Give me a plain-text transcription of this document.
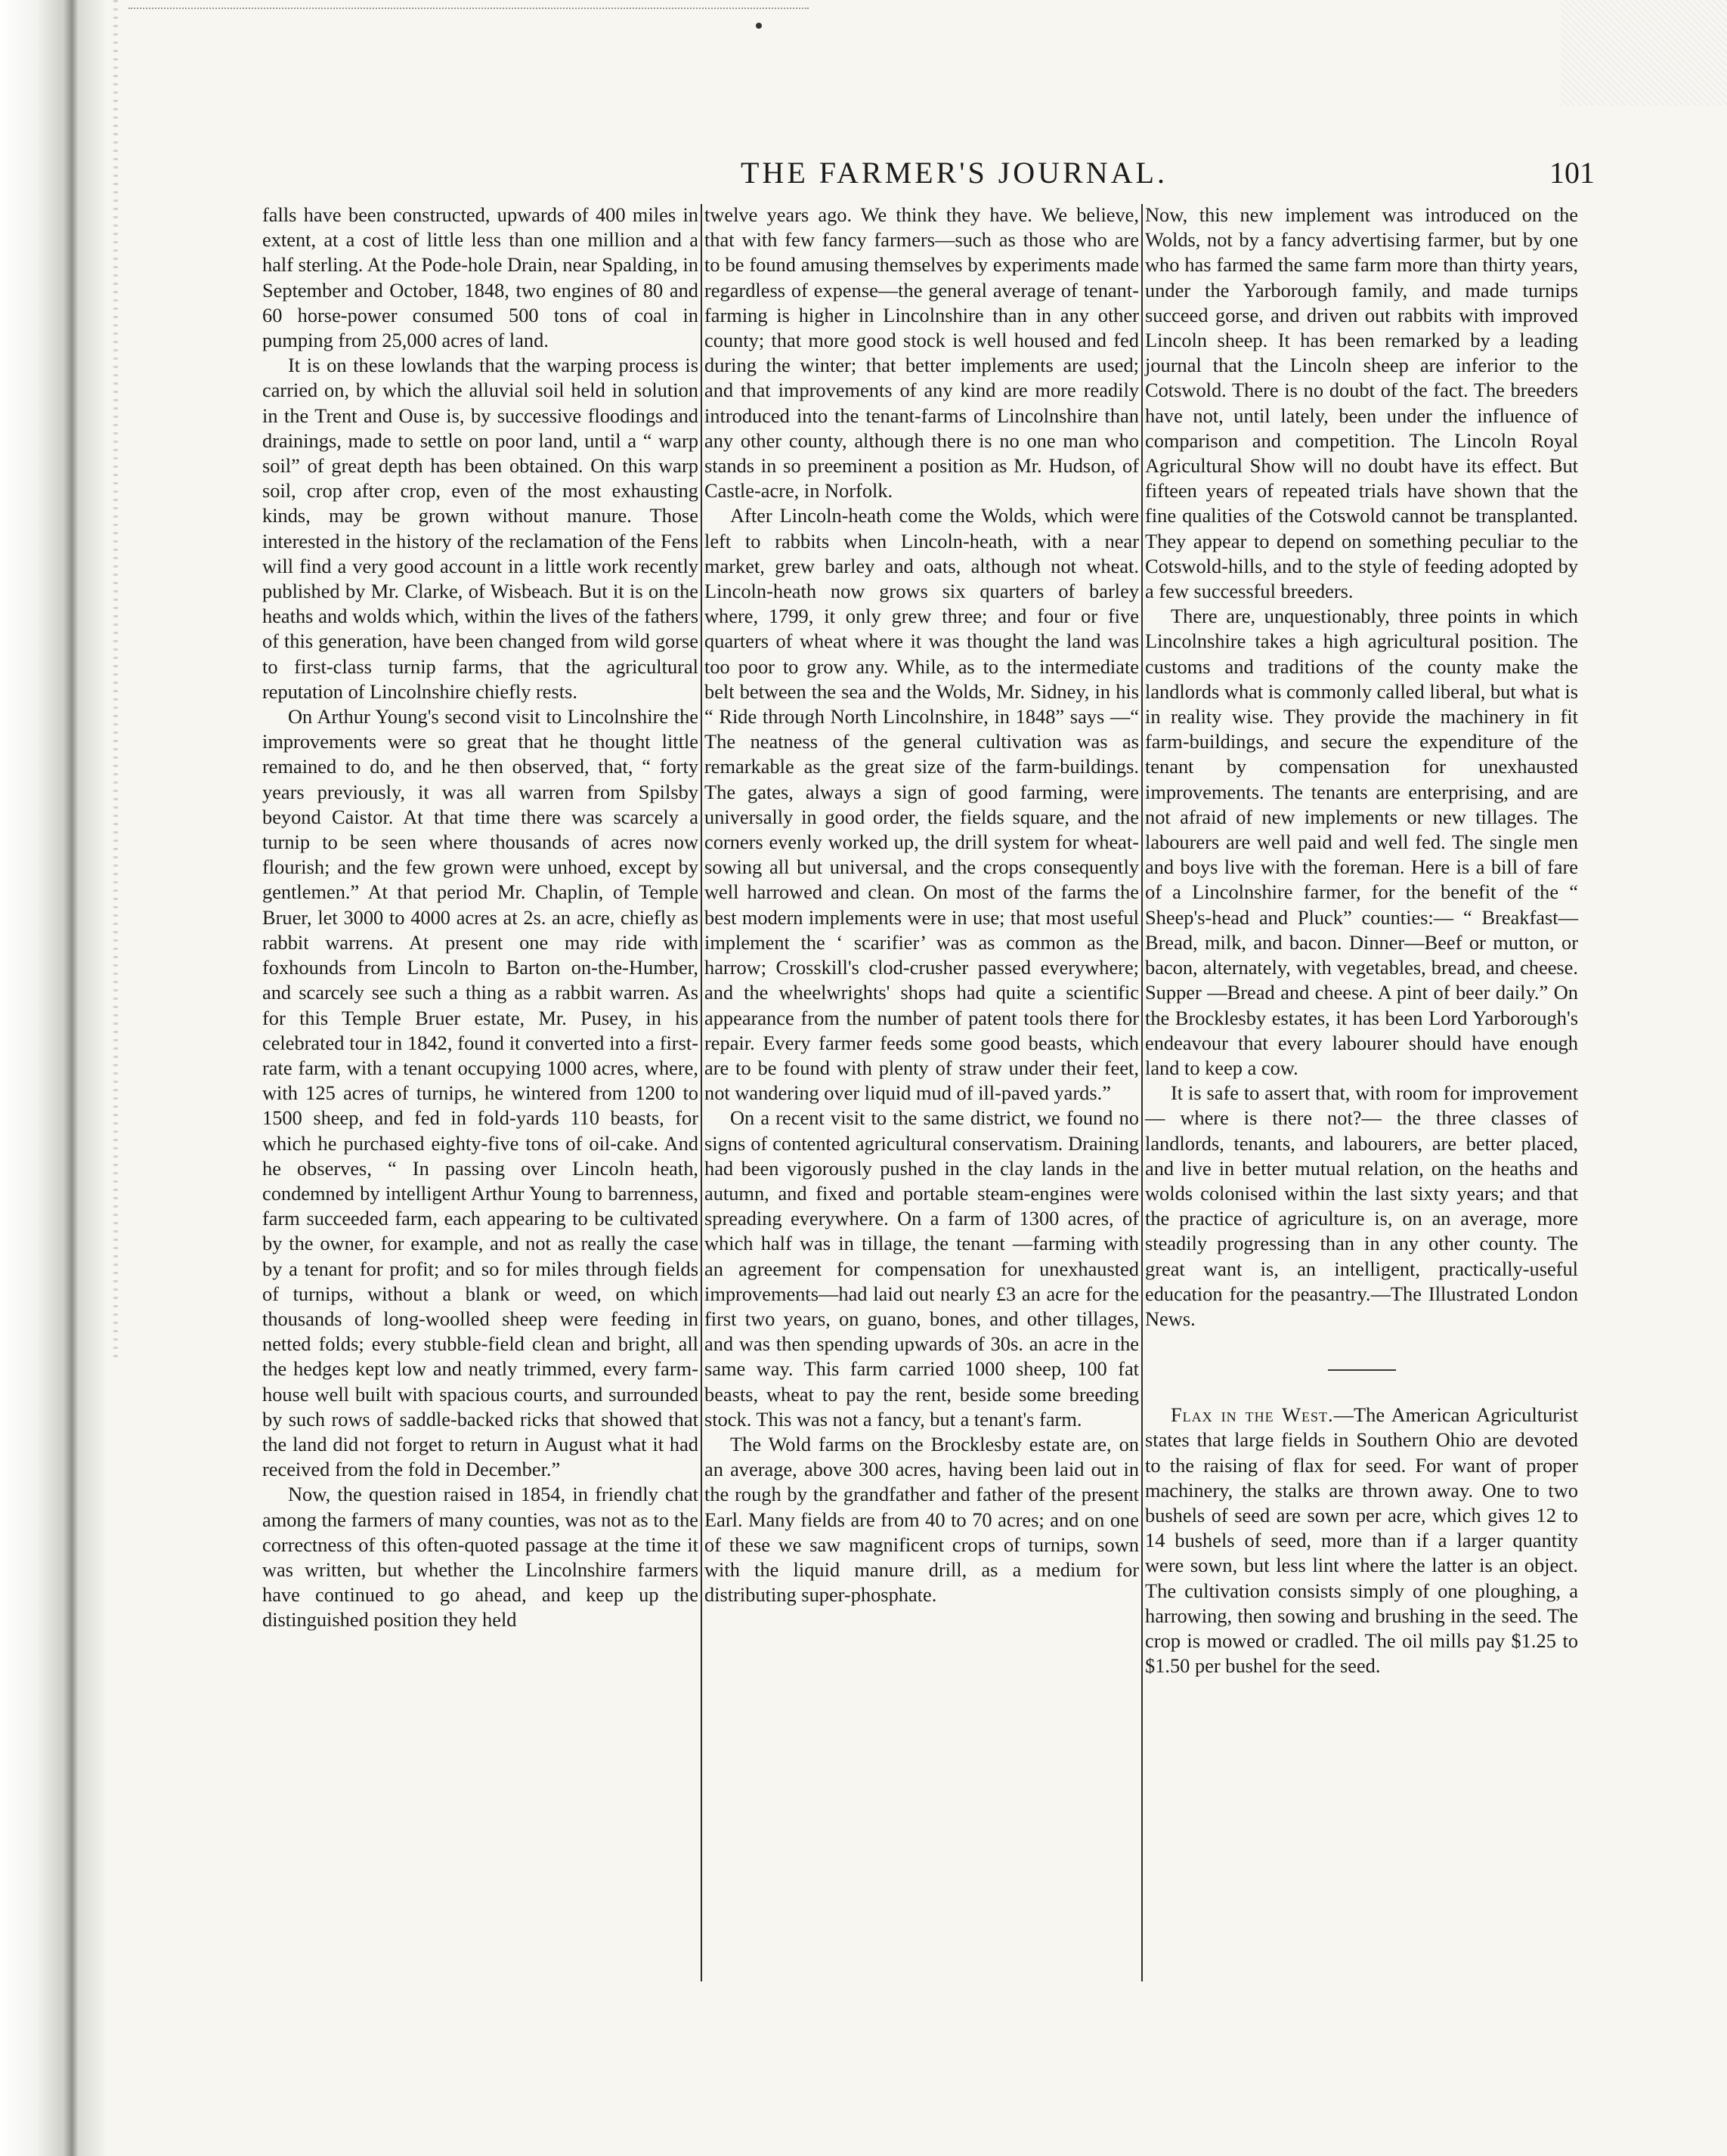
THE FARMER'S JOURNAL.	101

falls have been constructed, upwards of 400 miles in extent, at a cost of little less than one million and a half sterling. At the Pode-hole Drain, near Spalding, in September and October, 1848, two engines of 80 and 60 horse-power consumed 500 tons of coal in pumping from 25,000 acres of land.

It is on these lowlands that the warping process is carried on, by which the alluvial soil held in solution in the Trent and Ouse is, by successive floodings and drainings, made to settle on poor land, until a “ warp soil” of great depth has been obtained. On this warp soil, crop after crop, even of the most exhausting kinds, may be grown without manure. Those interested in the history of the reclamation of the Fens will find a very good account in a little work recently published by Mr. Clarke, of Wisbeach. But it is on the heaths and wolds which, within the lives of the fathers of this generation, have been changed from wild gorse to first-class turnip farms, that the agricultural reputation of Lincolnshire chiefly rests.

On Arthur Young's second visit to Lincolnshire the improvements were so great that he thought little remained to do, and he then observed, that, “ forty years previously, it was all warren from Spilsby beyond Caistor. At that time there was scarcely a turnip to be seen where thousands of acres now flourish; and the few grown were unhoed, except by gentlemen.” At that period Mr. Chaplin, of Temple Bruer, let 3000 to 4000 acres at 2s. an acre, chiefly as rabbit warrens. At present one may ride with foxhounds from Lincoln to Barton on-the-Humber, and scarcely see such a thing as a rabbit warren. As for this Temple Bruer estate, Mr. Pusey, in his celebrated tour in 1842, found it converted into a first-rate farm, with a tenant occupying 1000 acres, where, with 125 acres of turnips, he wintered from 1200 to 1500 sheep, and fed in fold-yards 110 beasts, for which he purchased eighty-five tons of oil-cake. And he observes, “ In passing over Lincoln heath, condemned by intelligent Arthur Young to barrenness, farm succeeded farm, each appearing to be cultivated by the owner, for example, and not as really the case by a tenant for profit; and so for miles through fields of turnips, without a blank or weed, on which thousands of long-woolled sheep were feeding in netted folds; every stubble-field clean and bright, all the hedges kept low and neatly trimmed, every farm-house well built with spacious courts, and surrounded by such rows of saddle-backed ricks that showed that the land did not forget to return in August what it had received from the fold in December.”

Now, the question raised in 1854, in friendly chat among the farmers of many counties, was not as to the correctness of this often-quoted passage at the time it was written, but whether the Lincolnshire farmers have continued to go ahead, and keep up the distinguished position they held

twelve years ago. We think they have. We believe, that with few fancy farmers—such as those who are to be found amusing themselves by experiments made regardless of expense—the general average of tenant-farming is higher in Lincolnshire than in any other county; that more good stock is well housed and fed during the winter; that better implements are used; and that improvements of any kind are more readily introduced into the tenant-farms of Lincolnshire than any other county, although there is no one man who stands in so preeminent a position as Mr. Hudson, of Castle-acre, in Norfolk.

After Lincoln-heath come the Wolds, which were left to rabbits when Lincoln-heath, with a near market, grew barley and oats, although not wheat. Lincoln-heath now grows six quarters of barley where, 1799, it only grew three; and four or five quarters of wheat where it was thought the land was too poor to grow any. While, as to the intermediate belt between the sea and the Wolds, Mr. Sidney, in his “ Ride through North Lincolnshire, in 1848” says —“ The neatness of the general cultivation was as remarkable as the great size of the farm-buildings. The gates, always a sign of good farming, were universally in good order, the fields square, and the corners evenly worked up, the drill system for wheat-sowing all but universal, and the crops consequently well harrowed and clean. On most of the farms the best modern implements were in use; that most useful implement the ‘ scarifier’ was as common as the harrow; Crosskill's clod-crusher passed everywhere; and the wheelwrights' shops had quite a scientific appearance from the number of patent tools there for repair. Every farmer feeds some good beasts, which are to be found with plenty of straw under their feet, not wandering over liquid mud of ill-paved yards.”

On a recent visit to the same district, we found no signs of contented agricultural conservatism. Draining had been vigorously pushed in the clay lands in the autumn, and fixed and portable steam-engines were spreading everywhere. On a farm of 1300 acres, of which half was in tillage, the tenant —farming with an agreement for compensation for unexhausted improvements—had laid out nearly £3 an acre for the first two years, on guano, bones, and other tillages, and was then spending upwards of 30s. an acre in the same way. This farm carried 1000 sheep, 100 fat beasts, wheat to pay the rent, beside some breeding stock. This was not a fancy, but a tenant's farm.

The Wold farms on the Brocklesby estate are, on an average, above 300 acres, having been laid out in the rough by the grandfather and father of the present Earl. Many fields are from 40 to 70 acres; and on one of these we saw magnificent crops of turnips, sown with the liquid manure drill, as a medium for distributing super-phosphate.

Now, this new implement was introduced on the Wolds, not by a fancy advertising farmer, but by one who has farmed the same farm more than thirty years, under the Yarborough family, and made turnips succeed gorse, and driven out rabbits with improved Lincoln sheep. It has been remarked by a leading journal that the Lincoln sheep are inferior to the Cotswold. There is no doubt of the fact. The breeders have not, until lately, been under the influence of comparison and competition. The Lincoln Royal Agricultural Show will no doubt have its effect. But fifteen years of repeated trials have shown that the fine qualities of the Cotswold cannot be transplanted. They appear to depend on something peculiar to the Cotswold-hills, and to the style of feeding adopted by a few successful breeders.

There are, unquestionably, three points in which Lincolnshire takes a high agricultural position. The customs and traditions of the county make the landlords what is commonly called liberal, but what is in reality wise. They provide the machinery in fit farm-buildings, and secure the expenditure of the tenant by compensation for unexhausted improvements. The tenants are enterprising, and are not afraid of new implements or new tillages. The labourers are well paid and well fed. The single men and boys live with the foreman. Here is a bill of fare of a Lincolnshire farmer, for the benefit of the “ Sheep's-head and Pluck” counties:— “ Breakfast—Bread, milk, and bacon. Dinner—Beef or mutton, or bacon, alternately, with vegetables, bread, and cheese. Supper —Bread and cheese. A pint of beer daily.” On the Brocklesby estates, it has been Lord Yarborough's endeavour that every labourer should have enough land to keep a cow.

It is safe to assert that, with room for improvement— where is there not?— the three classes of landlords, tenants, and labourers, are better placed, and live in better mutual relation, on the heaths and wolds colonised within the last sixty years; and that the practice of agriculture is, on an average, more steadily progressing than in any other county. The great want is, an intelligent, practically-useful education for the peasantry.—The Illustrated London News.

Flax in the West.—The American Agriculturist states that large fields in Southern Ohio are devoted to the raising of flax for seed. For want of proper machinery, the stalks are thrown away. One to two bushels of seed are sown per acre, which gives 12 to 14 bushels of seed, more than if a larger quantity were sown, but less lint where the latter is an object. The cultivation consists simply of one ploughing, a harrowing, then sowing and brushing in the seed. The crop is mowed or cradled. The oil mills pay $1.25 to $1.50 per bushel for the seed.
